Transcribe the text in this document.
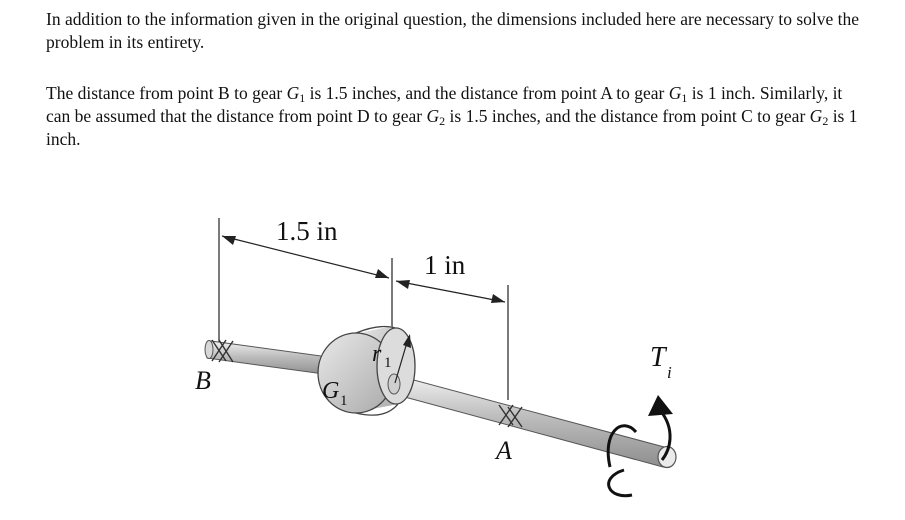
In addition to the information given in the original question, the dimensions included here are necessary to solve the problem in its entirety.

The distance from point B to gear $G_1$ is 1.5 inches, and the distance from point A to gear $G_1$ is 1 inch. Similarly, it can be assumed that the distance from point D to gear $G_2$ is 1.5 inches, and the distance from point C to gear $G_2$ is 1 inch.

1.5 in
1 in
G 1
r 1
B
A
T i
